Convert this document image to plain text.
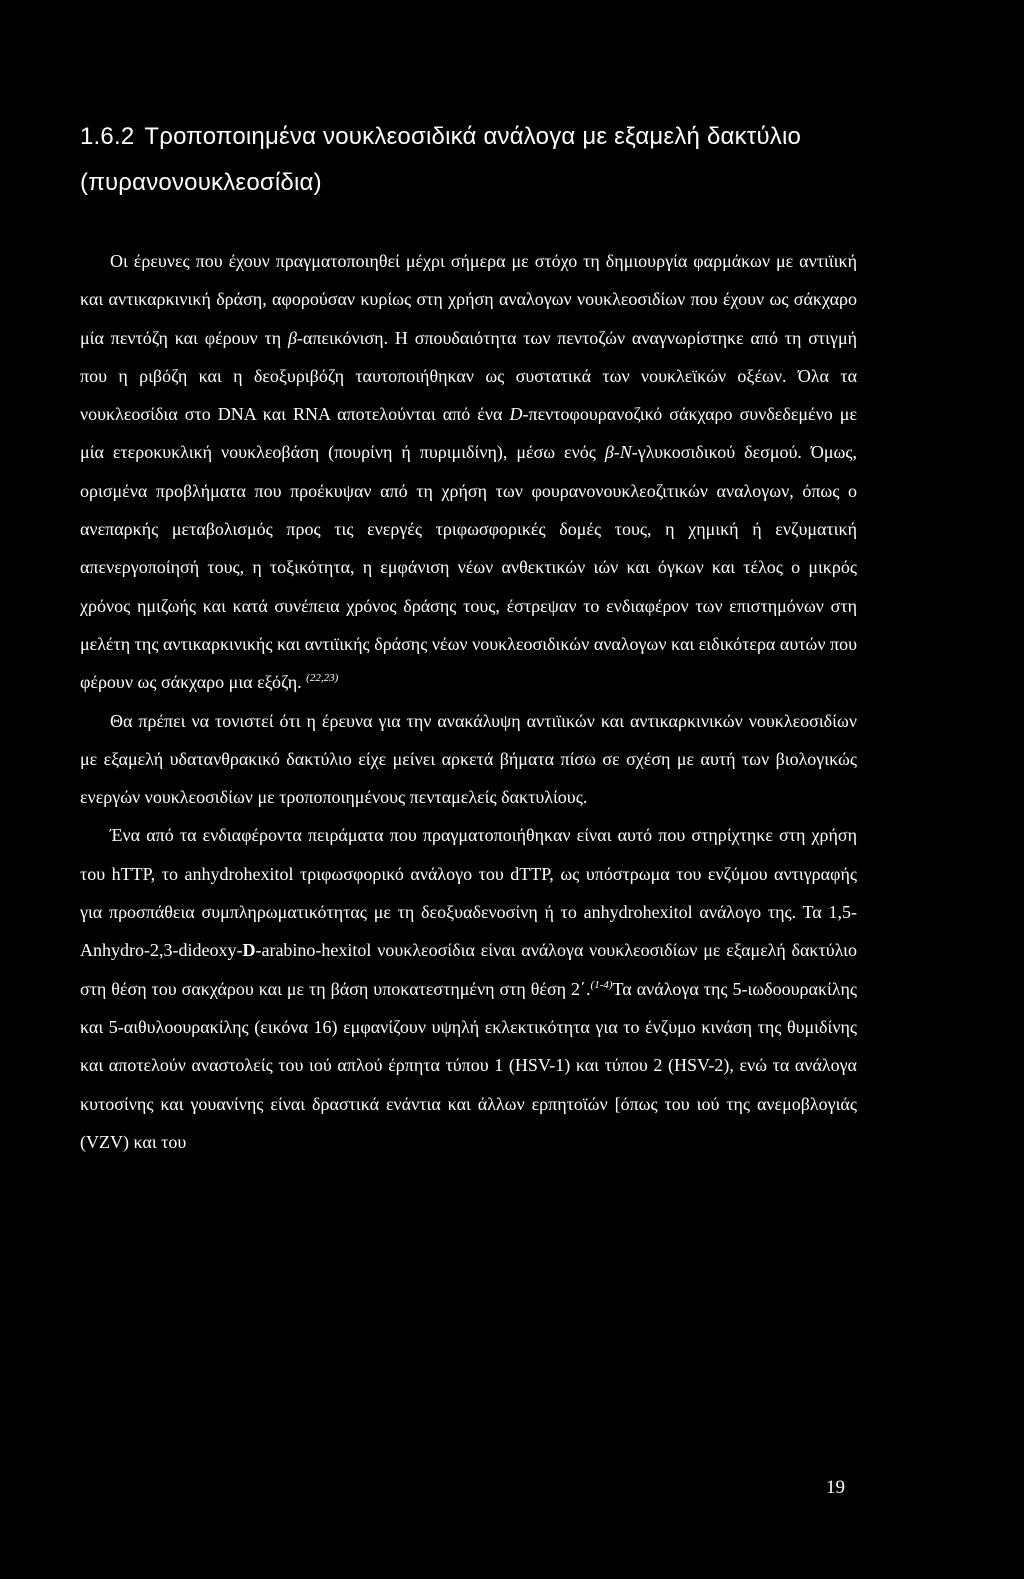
1.6.2 Τροποποιημένα νουκλεοσιδικά ανάλογα με εξαμελή δακτύλιο
(πυρανονουκλεοσίδια)

Οι έρευνες που έχουν πραγματοποιηθεί μέχρι σήμερα με στόχο τη δημιουργία φαρμάκων με αντιϊική και αντικαρκινική δράση, αφορούσαν κυρίως στη χρήση αναλογων νουκλεοσιδίων που έχουν ως σάκχαρο μία πεντόζη και φέρουν τη β-απεικόνιση. Η σπουδαιότητα των πεντοζών αναγνωρίστηκε από τη στιγμή που η ριβόζη και η δεοξυριβόζη ταυτοποιήθηκαν ως συστατικά των νουκλεϊκών οξέων. Όλα τα νουκλεοσίδια στο DNA και RNA αποτελούνται από ένα D-πεντοφουρανοζικό σάκχαρο συνδεδεμένο με μία ετεροκυκλική νουκλεοβάση (πουρίνη ή πυριμιδίνη), μέσω ενός β-N-γλυκοσιδικού δεσμού. Όμως, ορισμένα προβλήματα που προέκυψαν από τη χρήση των φουρανονουκλεοζιτικών αναλογων, όπως ο ανεπαρκής μεταβολισμός προς τις ενεργές τριφωσφορικές δομές τους, η χημική ή ενζυματική απενεργοποίησή τους, η τοξικότητα, η εμφάνιση νέων ανθεκτικών ιών και όγκων και τέλος ο μικρός χρόνος ημιζωής και κατά συνέπεια χρόνος δράσης τους, έστρεψαν το ενδιαφέρον των επιστημόνων στη μελέτη της αντικαρκινικής και αντιϊικής δράσης νέων νουκλεοσιδικών αναλογων και ειδικότερα αυτών που φέρουν ως σάκχαρο μια εξόζη. $^{(22,23)}$

Θα πρέπει να τονιστεί ότι η έρευνα για την ανακάλυψη αντιϊικών και αντικαρκινικών νουκλεοσιδίων με εξαμελή υδατανθρακικό δακτύλιο είχε μείνει αρκετά βήματα πίσω σε σχέση με αυτή των βιολογικώς ενεργών νουκλεοσιδίων με τροποποιημένους πενταμελείς δακτυλίους.

Ένα από τα ενδιαφέροντα πειράματα που πραγματοποιήθηκαν είναι αυτό που στηρίχτηκε στη χρήση του hTTP, το anhydrohexitol τριφωσφορικό ανάλογο του dTTP, ως υπόστρωμα του ενζύμου αντιγραφής για προσπάθεια συμπληρωματικότητας με τη δεοξυαδενοσίνη ή το anhydrohexitol ανάλογο της. Τα 1,5-Anhydro-2,3-dideoxy-D-arabino-hexitol νουκλεοσίδια είναι ανάλογα νουκλεοσιδίων με εξαμελή δακτύλιο στη θέση του σακχάρου και με τη βάση υποκατεστημένη στη θέση 2΄.$^{(1-4)}$Τα ανάλογα της 5-ιωδοουρακίλης και 5-αιθυλοουρακίλης (εικόνα 16) εμφανίζουν υψηλή εκλεκτικότητα για το ένζυμο κινάση της θυμιδίνης και αποτελούν αναστολείς του ιού απλού έρπητα τύπου 1 (HSV-1) και τύπου 2 (HSV-2), ενώ τα ανάλογα κυτοσίνης και γουανίνης είναι δραστικά ενάντια και άλλων ερπητοϊών [όπως του ιού της ανεμοβλογιάς (VZV) και του

19
